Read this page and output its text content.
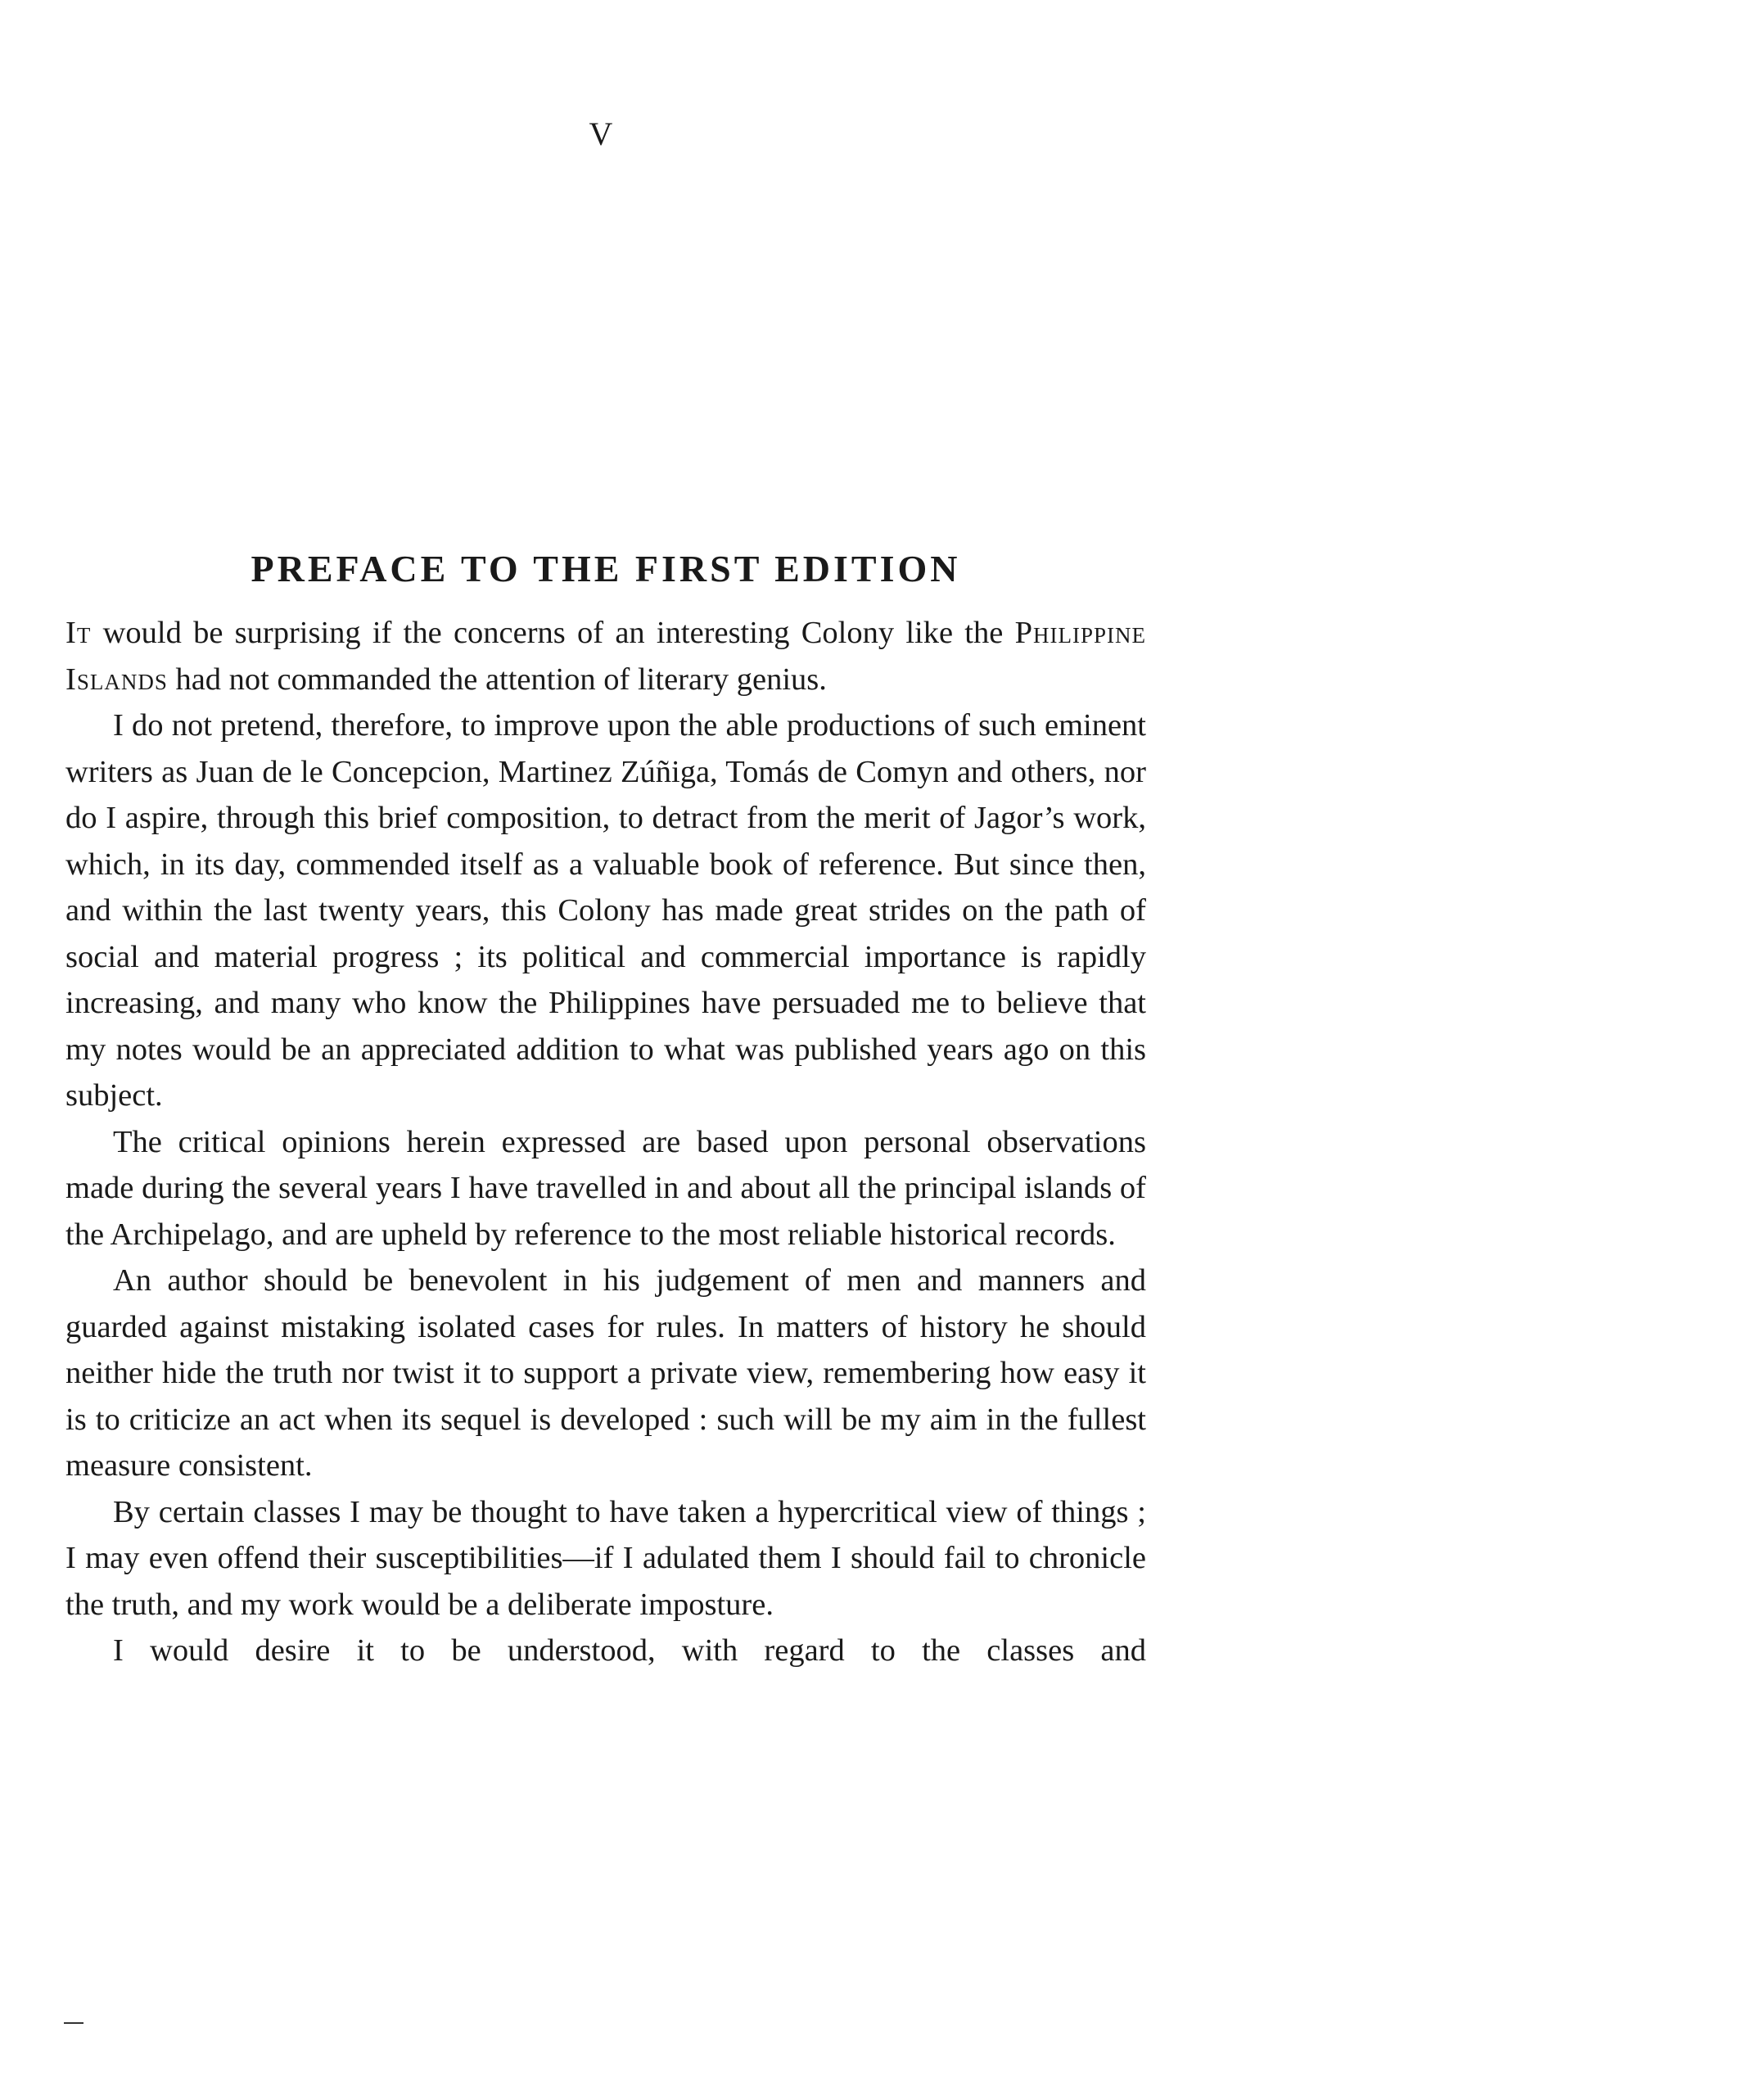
V
PREFACE TO THE FIRST EDITION

It would be surprising if the concerns of an interesting Colony like the Philippine Islands had not commanded the attention of literary genius.

I do not pretend, therefore, to improve upon the able productions of such eminent writers as Juan de le Concepcion, Martinez Zúñiga, Tomás de Comyn and others, nor do I aspire, through this brief composition, to detract from the merit of Jagor’s work, which, in its day, commended itself as a valuable book of reference. But since then, and within the last twenty years, this Colony has made great strides on the path of social and material progress ; its political and commercial importance is rapidly increasing, and many who know the Philippines have persuaded me to believe that my notes would be an appreciated addition to what was published years ago on this subject.

The critical opinions herein expressed are based upon personal observations made during the several years I have travelled in and about all the principal islands of the Archipelago, and are upheld by reference to the most reliable historical records.

An author should be benevolent in his judgement of men and manners and guarded against mistaking isolated cases for rules. In matters of history he should neither hide the truth nor twist it to support a private view, remembering how easy it is to criticize an act when its sequel is developed : such will be my aim in the fullest measure consistent.

By certain classes I may be thought to have taken a hypercritical view of things ; I may even offend their susceptibilities—if I adulated them I should fail to chronicle the truth, and my work would be a deliberate imposture.

I would desire it to be understood, with regard to the classes and
